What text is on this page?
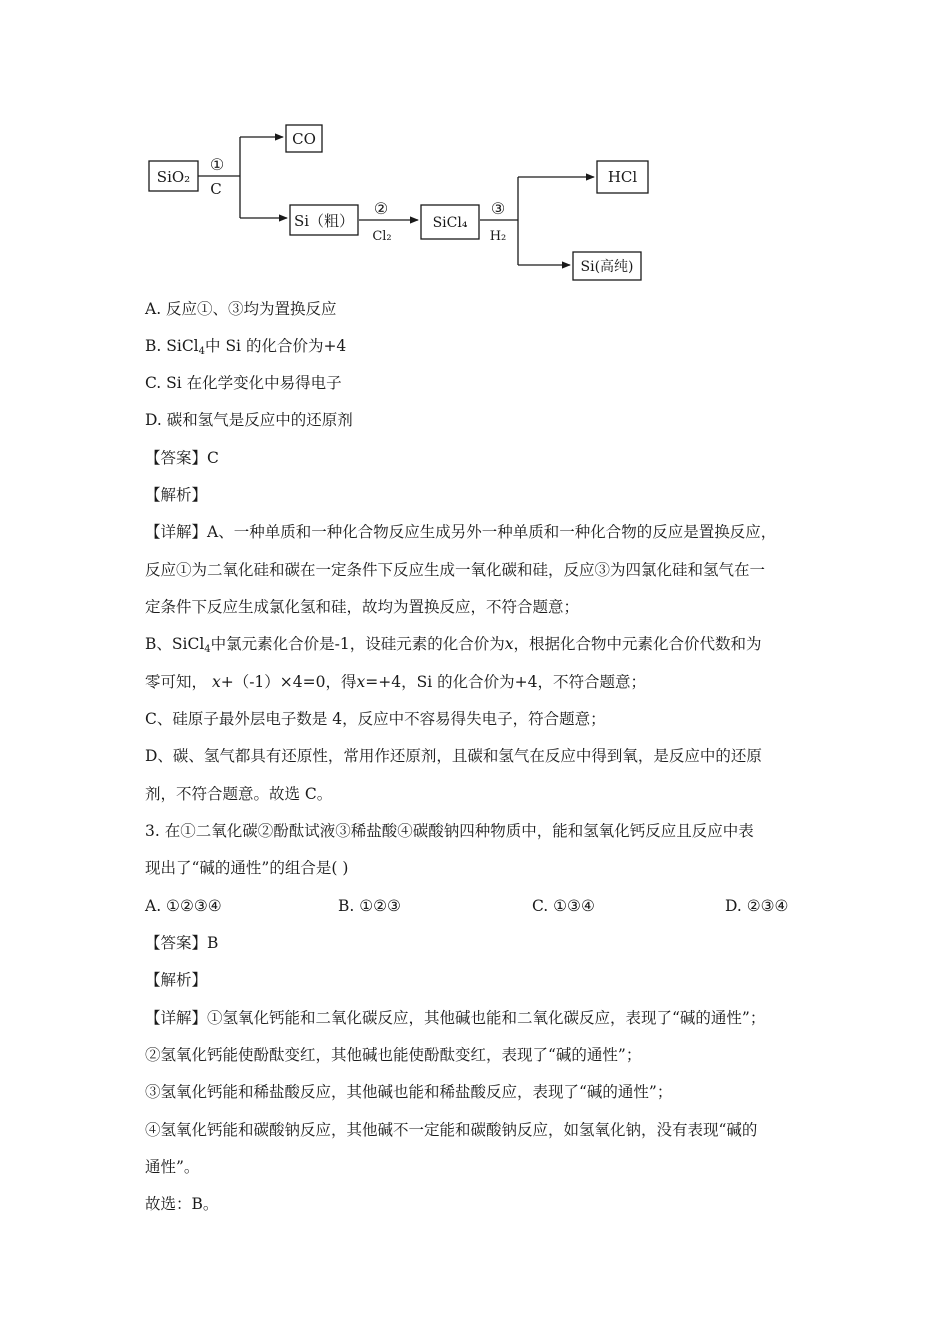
SiO₂
CO
Si（粗）	SiCl₄
HCl
Si(高纯)
①
C
②
Cl₂
③
H₂
A. 反应①、③均为置换反应
B. SiCl$_4$中 Si 的化合价为+4
C. Si 在化学变化中易得电子
D. 碳和氢气是反应中的还原剂
【答案】C
【解析】
【详解】A、一种单质和一种化合物反应生成另外一种单质和一种化合物的反应是置换反应，
反应①为二氧化硅和碳在一定条件下反应生成一氧化碳和硅，反应③为四氯化硅和氢气在一
定条件下反应生成氯化氢和硅，故均为置换反应，不符合题意；
B、SiCl$_4$中氯元素化合价是-1，设硅元素的化合价为x，根据化合物中元素化合价代数和为
零可知， x+（-1）×4=0，得x=+4，Si 的化合价为+4，不符合题意；
C、硅原子最外层电子数是 4，反应中不容易得失电子，符合题意；
D、碳、氢气都具有还原性，常用作还原剂，且碳和氢气在反应中得到氧，是反应中的还原
剂，不符合题意。故选 C。
3. 在①二氧化碳②酚酞试液③稀盐酸④碳酸钠四种物质中，能和氢氧化钙反应且反应中表
现出了“碱的通性”的组合是( )
A. ①②③④	B. ①②③	C. ①③④	D. ②③④
【答案】B
【解析】
【详解】①氢氧化钙能和二氧化碳反应，其他碱也能和二氧化碳反应，表现了“碱的通性”；
②氢氧化钙能使酚酞变红，其他碱也能使酚酞变红，表现了“碱的通性”；
③氢氧化钙能和稀盐酸反应，其他碱也能和稀盐酸反应，表现了“碱的通性”；
④氢氧化钙能和碳酸钠反应，其他碱不一定能和碳酸钠反应，如氢氧化钠，没有表现“碱的
通性”。
故选：B。
